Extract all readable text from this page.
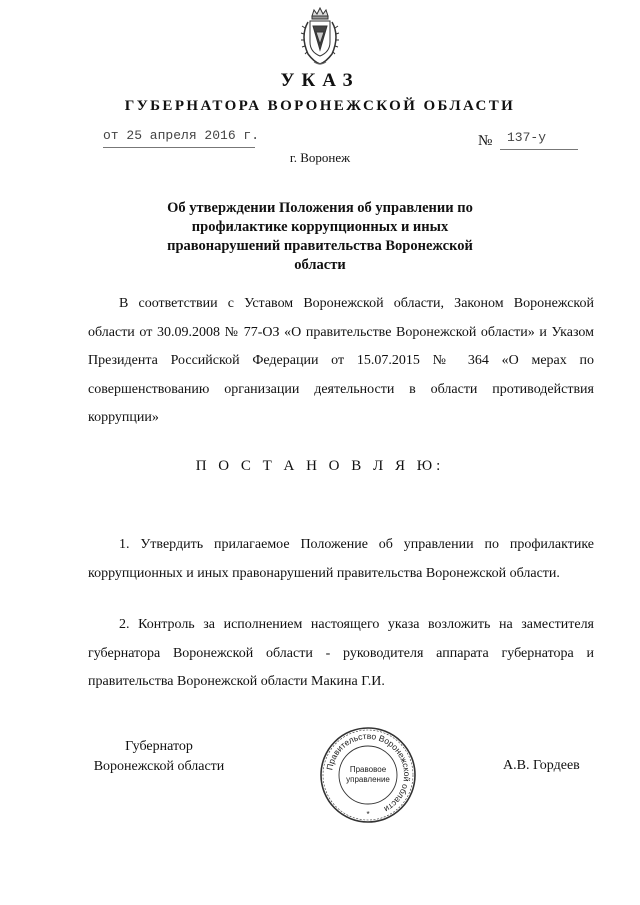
УКАЗ
ГУБЕРНАТОРА ВОРОНЕЖСКОЙ ОБЛАСТИ
от 25 апреля 2016 г.	№ 137-у
г. Воронеж
Об утверждении Положения об управлении по профилактике коррупционных и иных правонарушений правительства Воронежской области
В соответствии с Уставом Воронежской области, Законом Воронежской области от 30.09.2008 № 77-ОЗ «О правительстве Воронежской области» и Указом Президента Российской Федерации от 15.07.2015 № 364 «О мерах по совершенствованию организации деятельности в области противодействия коррупции»
П О С Т А Н О В Л Я Ю:
1. Утвердить прилагаемое Положение об управлении по профилактике коррупционных и иных правонарушений правительства Воронежской области.
2. Контроль за исполнением настоящего указа возложить на заместителя губернатора Воронежской области - руководителя аппарата губернатора и правительства Воронежской области Макина Г.И.
Губернатор
Воронежской области	Правительство Воронежской области
Правовое
управление
*
А.В. Гордеев
